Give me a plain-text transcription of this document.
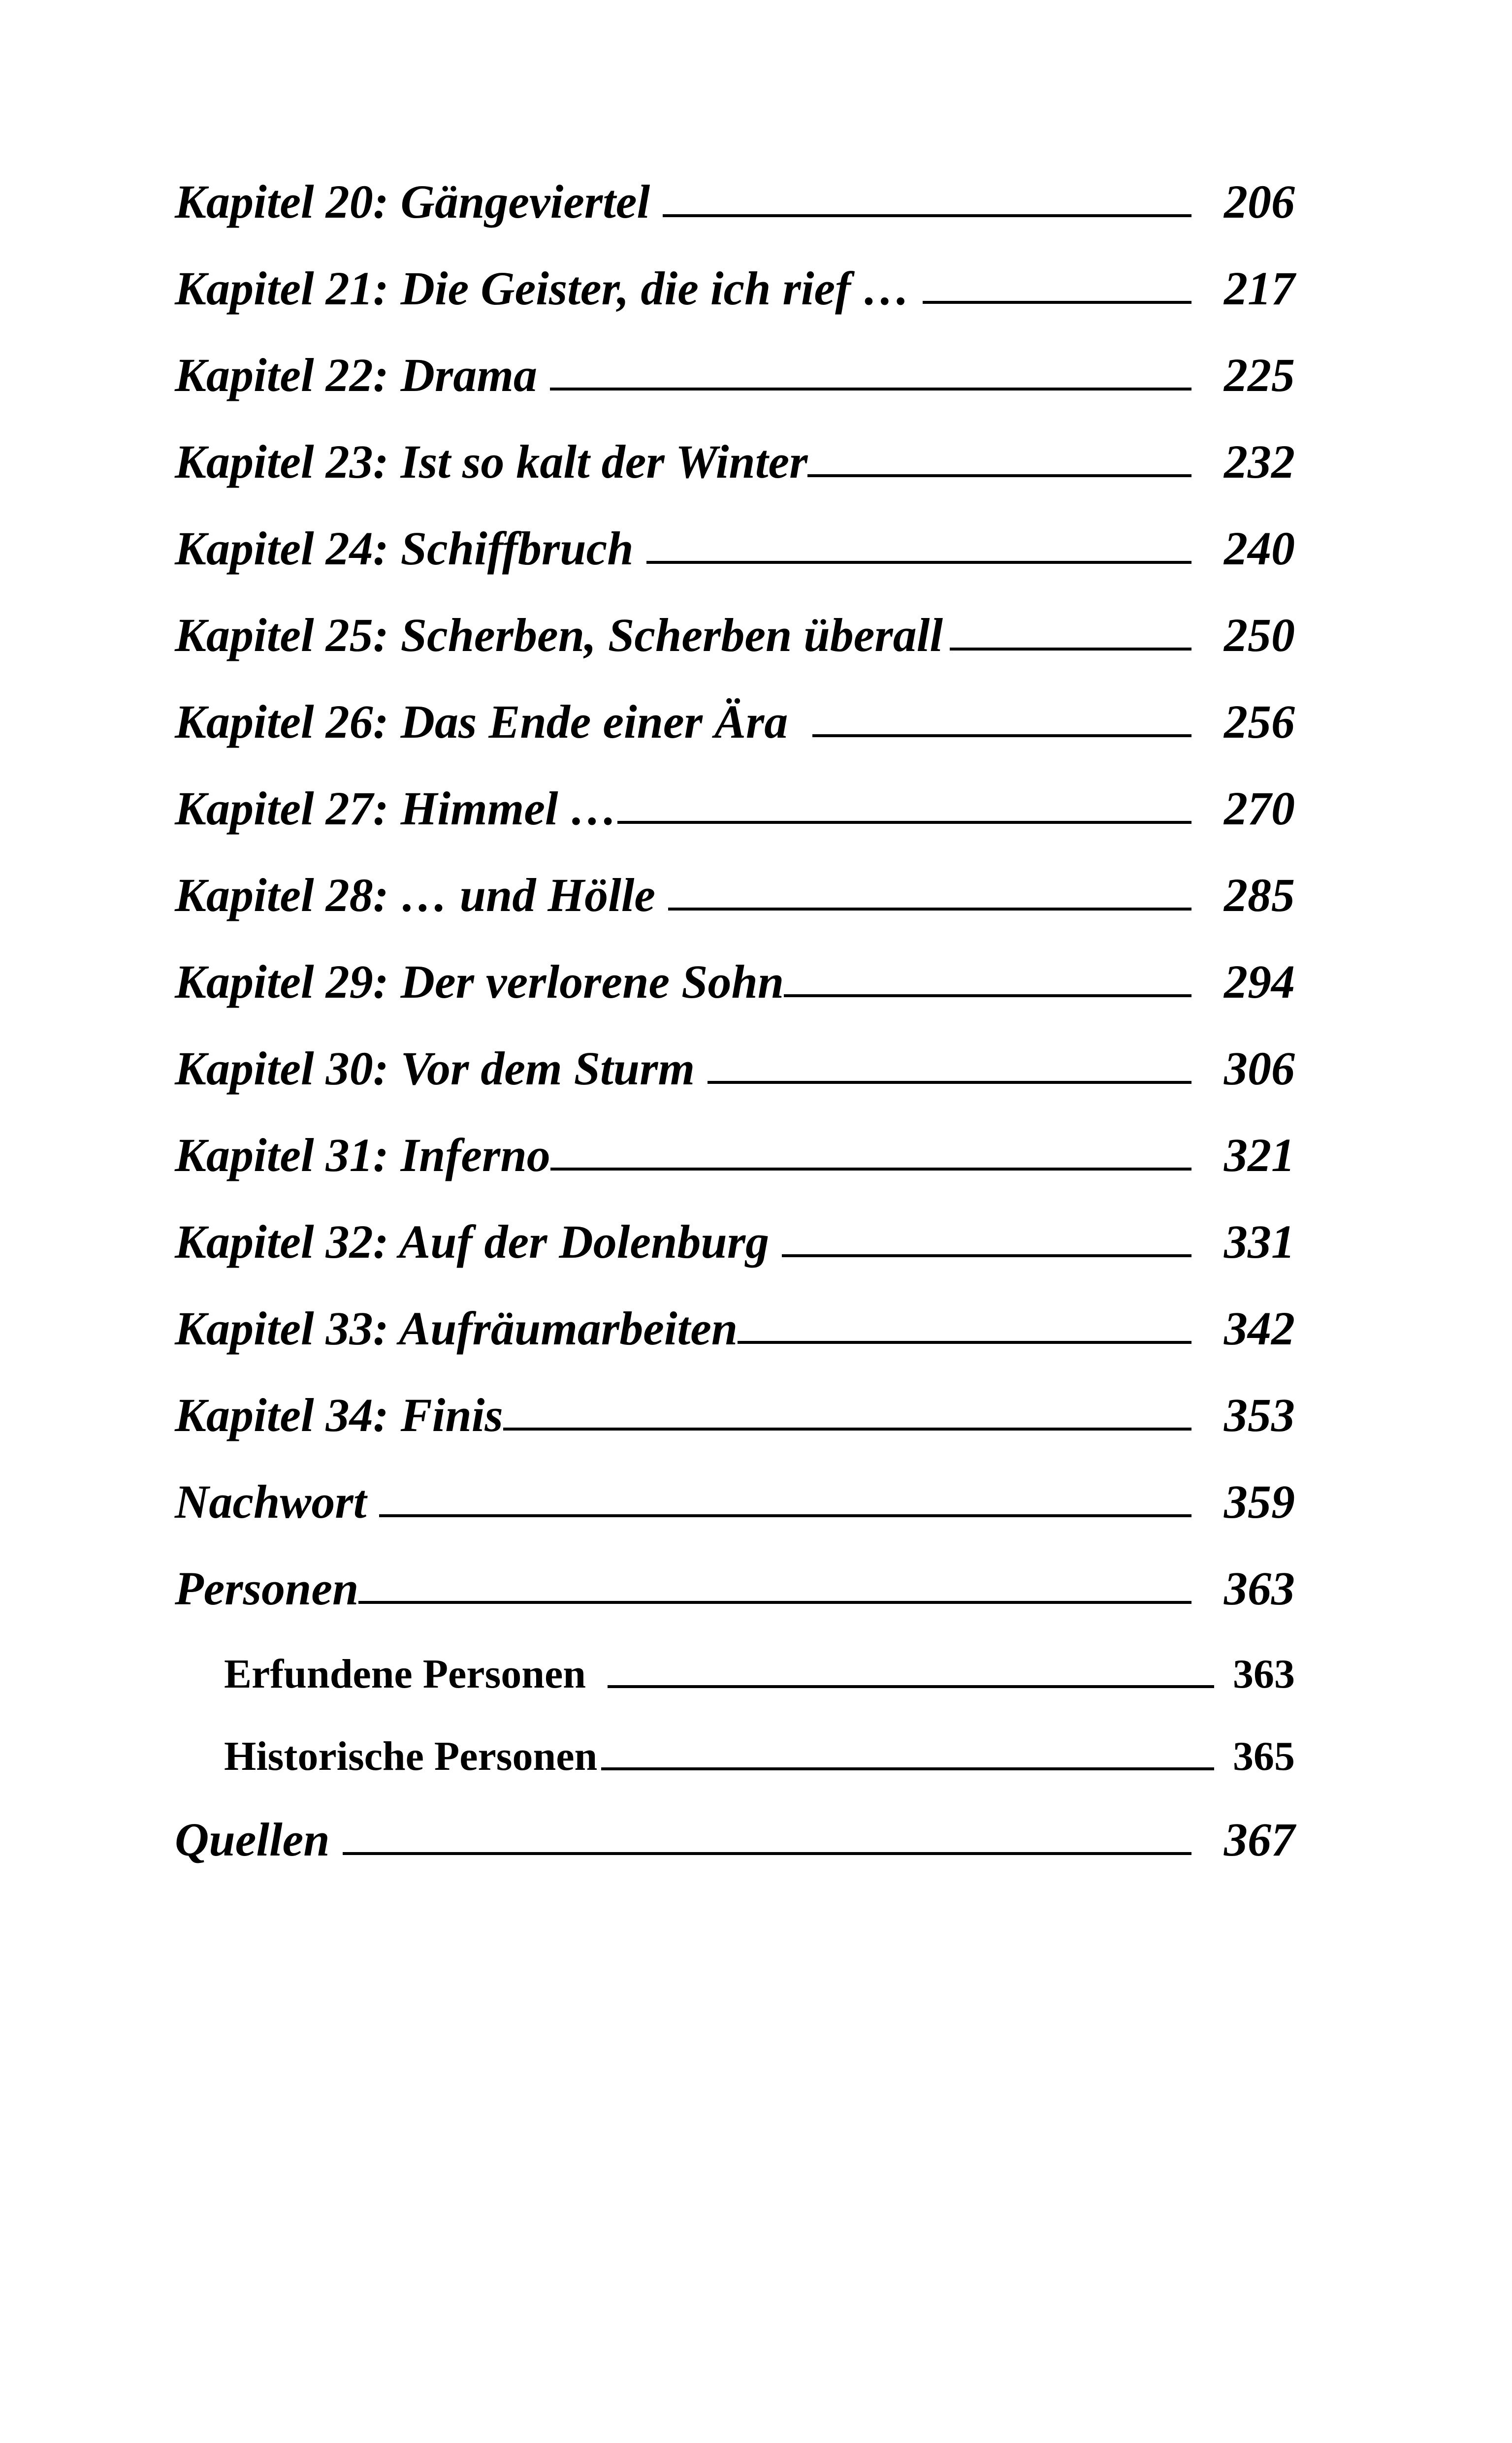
Kapitel 20: Gängeviertel	206
Kapitel 21: Die Geister, die ich rief …	217
Kapitel 22: Drama	225
Kapitel 23: Ist so kalt der Winter	232
Kapitel 24: Schiffbruch	240
Kapitel 25: Scherben, Scherben überall	250
Kapitel 26: Das Ende einer Ära	256
Kapitel 27: Himmel …	270
Kapitel 28: … und Hölle	285
Kapitel 29: Der verlorene Sohn	294
Kapitel 30: Vor dem Sturm	306
Kapitel 31: Inferno	321
Kapitel 32: Auf der Dolenburg	331
Kapitel 33: Aufräumarbeiten	342
Kapitel 34: Finis	353
Nachwort	359
Personen	363
Erfundene Personen	363
Historische Personen	365
Quellen	367
